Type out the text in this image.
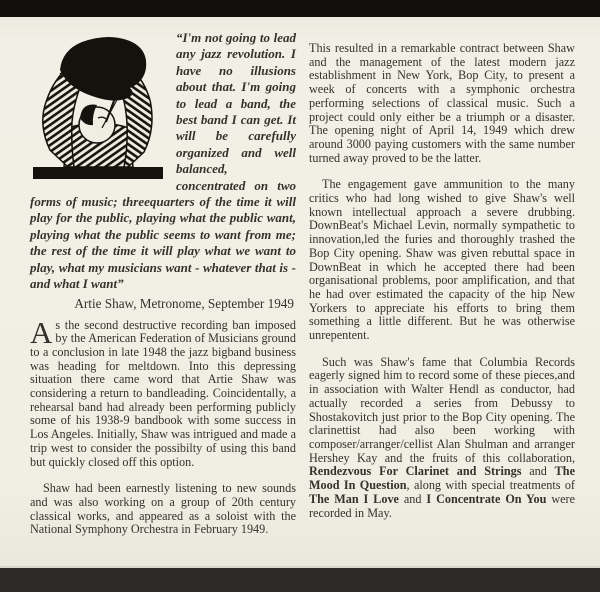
“I'm not going to lead any jazz revolution. I have no illusions about that. I'm going to lead a band, the best band I can get. It will be carefully organized and well balanced, concentrated on two forms of music; threequarters of the time it will play for the public, playing what the public want, playing what the public seems to want from me; the rest of the time it will play what we want to play, what my musicians want - whatever that is - and what I want”

Artie Shaw, Metronome, September 1949

As the second destructive recording ban imposed by the American Federation of Musicians ground to a conclusion in late 1948 the jazz bigband business was heading for meltdown. Into this depressing situation there came word that Artie Shaw was considering a return to bandleading. Coincidentally, a rehearsal band had already been performing publicly some of his 1938-9 bandbook with some success in Los Angeles. Initially, Shaw was intrigued and made a trip west to consider the possibilty of using this band but quickly closed off this option.

Shaw had been earnestly listening to new sounds and was also working on a group of 20th century classical works, and appeared as a soloist with the National Symphony Orchestra in February 1949.

This resulted in a remarkable contract between Shaw and the management of the latest modern jazz establishment in New York, Bop City, to present a week of concerts with a symphonic orchestra performing selections of classical music. Such a project could only either be a triumph or a disaster. The opening night of April 14, 1949 which drew around 3000 paying customers with the same number turned away proved to be the latter.

The engagement gave ammunition to the many critics who had long wished to give Shaw's well known intellectual approach a severe drubbing. DownBeat's Michael Levin, normally sympathetic to innovation,led the furies and thoroughly trashed the Bop City opening. Shaw was given rebuttal space in DownBeat in which he accepted there had been organisational problems, poor amplification, and that he had over estimated the capacity of the hip New Yorkers to appreciate his efforts to bring them something a little different. But he was otherwise unrepentent.

Such was Shaw's fame that Columbia Records eagerly signed him to record some of these pieces,and in association with Walter Hendl as conductor, had actually recorded a series from Debussy to Shostakovitch just prior to the Bop City opening. The clarinettist had also been working with composer/arranger/cellist Alan Shulman and arranger Hershey Kay and the fruits of this collaboration, Rendezvous For Clarinet and Strings and The Mood In Question, along with special treatments of The Man I Love and I Concentrate On You were recorded in May.
